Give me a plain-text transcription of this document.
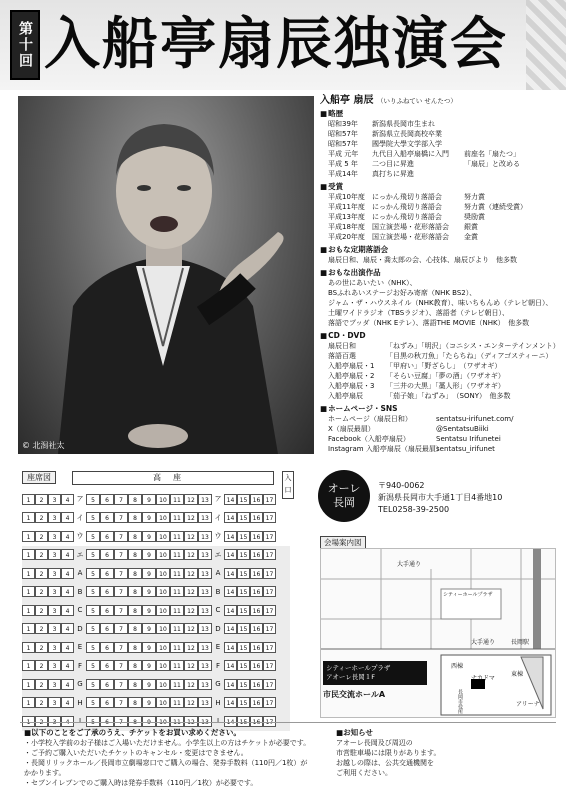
第十回 入船亭扇辰独演会
© 北潟社太
入船亭 扇辰 （いりふねてい せんたつ）
■ 略歴
昭和39年	新潟県長岡市生まれ
昭和57年	新潟県立長岡高校卒業
昭和57年	國學院大學文学部入学
平成 元年	九代目入船亭扇橋に入門	前座名「扇たつ」
平成 5 年	二つ目に昇進	「扇辰」と改める
平成14年	真打ちに昇進
■ 受賞
平成10年度	にっかん飛切り落語会	努力賞
平成11年度	にっかん飛切り落語会	努力賞（連続受賞）
平成13年度	にっかん飛切り落語会	奨励賞
平成18年度	国立演芸場・花形落語会	銀賞
平成20年度	国立演芸場・花形落語会	金賞
■ おもな定期落語会
扇辰日和、扇辰・喬太郎の会、心技体、扇辰びより　他多数
■ おもな出演作品
あの世にあいたい（NHK）、
BSふれあいステージお好み寄席（NHK BS2）、
ジャム・ザ・ハウスネイル（NHK教育）、味いちもんめ（テレビ朝日）、
土曜ワイドラジオ（TBSラジオ）、落語者（テレビ朝日）、
落語でブッダ（NHK Eテレ）、落語THE MOVIE（NHK）　他多数
■ CD・DVD
扇辰日和	「ねずみ」「明沢」（コニシス・エンターテインメント）
落語百選	「目黒の秋刀魚」「たらちね」（ディアゴスティーニ）
入船亭扇辰・1	「甲府い」「野ざらし」　（ワザオギ）
入船亭扇辰・2	「そらい豆腐」「夢の酒」（ワザオギ）
入船亭扇辰・3	「三井の大黒」「藁人形」（ワザオギ）
入船亭扇辰	「茄子娘」「ねずみ」　（SONY）　他多数
■ ホームページ・SNS
ホームページ（扇辰日和）	sentatsu-irifunet.com/
X（扇辰最屓）	@SentatsuBiiki
Facebook（入船亭扇辰）	Sentatsu Irifunetei
Instagram 入船亭扇辰（扇辰最屓）
sentatsu_irifunet
座席図	高座	入口
1	2	3	4	ア	5	6	7	8	9	10	11	12	13 ア 14 15 16 17
1	2	3	4	イ	5	6	7	8	9	10	11	12	13 イ 14 15 16 17
1	2	3	4	ウ	5	6	7	8	9	10	11	12	13 ウ 14 15 16 17
1	2	3	4	エ	5	6	7	8	9	10	11	12	13 エ 14 15 16 17
1	2	3	4	A	5	6	7	8	9	10	11	12	13 A	14 15 16 17
1	2	3	4	B	5	6	7	8	9	10	11	12	13 B	14 15 16 17
1	2	3	4	C	5	6	7	8	9	10	11	12	13 C	14 15 16 17
1	2	3	4	D	5	6	7	8	9	10	11	12	13 D 14 15 16 17
1	2	3	4	E	5	6	7	8	9	10	11	12	13 E	14 15 16 17
1	2	3	4	F	5	6	7	8	9	10	11	12	13	F	14 15 16 17
1	2	3	4	G	5	6	7	8	9	10	11	12	13 G 14 15 16 17
1	2	3	4	H	5	6	7	8	9	10	11	12	13 H	14 15 16 17
1	2	3	4	I	5	6	7	8	9	10	11	12	13	I	14 15 16 17
オーレ
長岡
〒940-0062
新潟県長岡市大手通1丁目4番地10
TEL0258-39-2500
会場案内図
大手通り
大手通り	長岡駅
シティーホールプラザ
シティーホールプラザ
アオーレ長岡１F
市民交流ホールA
西棟
東棟
ナカドマ
アリーナ
長岡市役所
■以下のことをご了承のうえ、チケットをお買い求めください。
・小学校入学前のお子様はご入場いただけません。小学生以上の方はチケットが必要です。
・ご予約ご購入いただいたチケットのキャンセル・変更はできません。
・長岡リリックホール／長岡市立劇場窓口でご購入の場合、発券手数料（110円／1枚）がかかります。
・セブンイレブンでのご購入時は発券手数料（110円／1枚）が必要です。
■お知らせ
アオーレ長岡及び周辺の
市営駐車場には限りがあります。
お越しの際は、公共交通機関を
ご利用ください。
